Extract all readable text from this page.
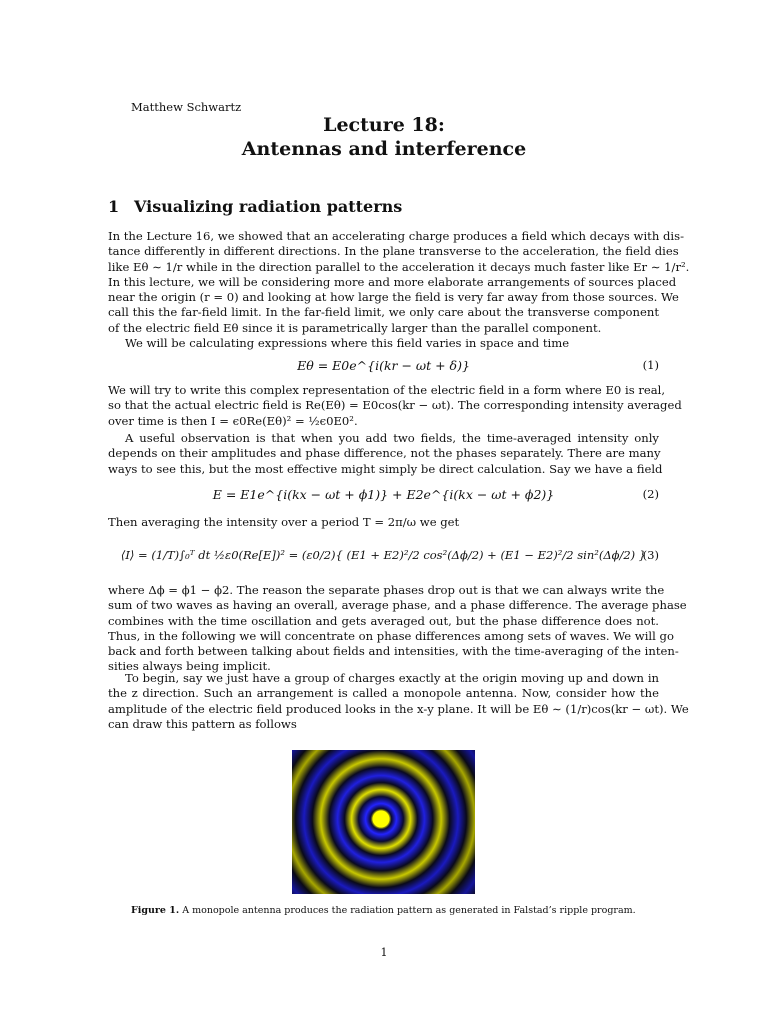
Matthew Schwartz
Lecture 18:
Antennas and interference
1 Visualizing radiation patterns
In the Lecture 16, we showed that an accelerating charge produces a field which decays with dis-
tance differently in different directions. In the plane transverse to the acceleration, the field dies
like Eθ ∼ 1/r while in the direction parallel to the acceleration it decays much faster like Er ∼ 1/r².
In this lecture, we will be considering more and more elaborate arrangements of sources placed
near the origin (r = 0) and looking at how large the field is very far away from those sources. We
call this the far-field limit. In the far-field limit, we only care about the transverse component
of the electric field Eθ since it is parametrically larger than the parallel component.
We will be calculating expressions where this field varies in space and time
Eθ = E0e^{i(kr − ωt + δ)}	(1)
We will try to write this complex representation of the electric field in a form where E0 is real,
so that the actual electric field is Re(Eθ) = E0cos(kr − ωt). The corresponding intensity averaged
over time is then I = ϵ0Re(Eθ)² = ½ϵ0E0².
A useful observation is that when you add two fields, the time-averaged intensity only
depends on their amplitudes and phase difference, not the phases separately. There are many
ways to see this, but the most effective might simply be direct calculation. Say we have a field
E = E1e^{i(kx − ωt + ϕ1)} + E2e^{i(kx − ωt + ϕ2)}	(2)
Then averaging the intensity over a period T = 2π/ω we get
⟨I⟩ = (1/T)∫₀ᵀ dt ½ε0(Re[E])² = (ε0/2){ (E1 + E2)²/2 cos²(Δϕ/2) + (E1 − E2)²/2 sin²(Δϕ/2) }
(3)
where Δϕ = ϕ1 − ϕ2. The reason the separate phases drop out is that we can always write the
sum of two waves as having an overall, average phase, and a phase difference. The average phase
combines with the time oscillation and gets averaged out, but the phase difference does not.
Thus, in the following we will concentrate on phase differences among sets of waves. We will go
back and forth between talking about fields and intensities, with the time-averaging of the inten-
sities always being implicit.
To begin, say we just have a group of charges exactly at the origin moving up and down in
the z direction. Such an arrangement is called a monopole antenna. Now, consider how the
amplitude of the electric field produced looks in the x-y plane. It will be Eθ ∼ (1/r)cos(kr − ωt). We
can draw this pattern as follows
Figure 1. A monopole antenna produces the radiation pattern as generated in Falstad’s ripple program.
1
